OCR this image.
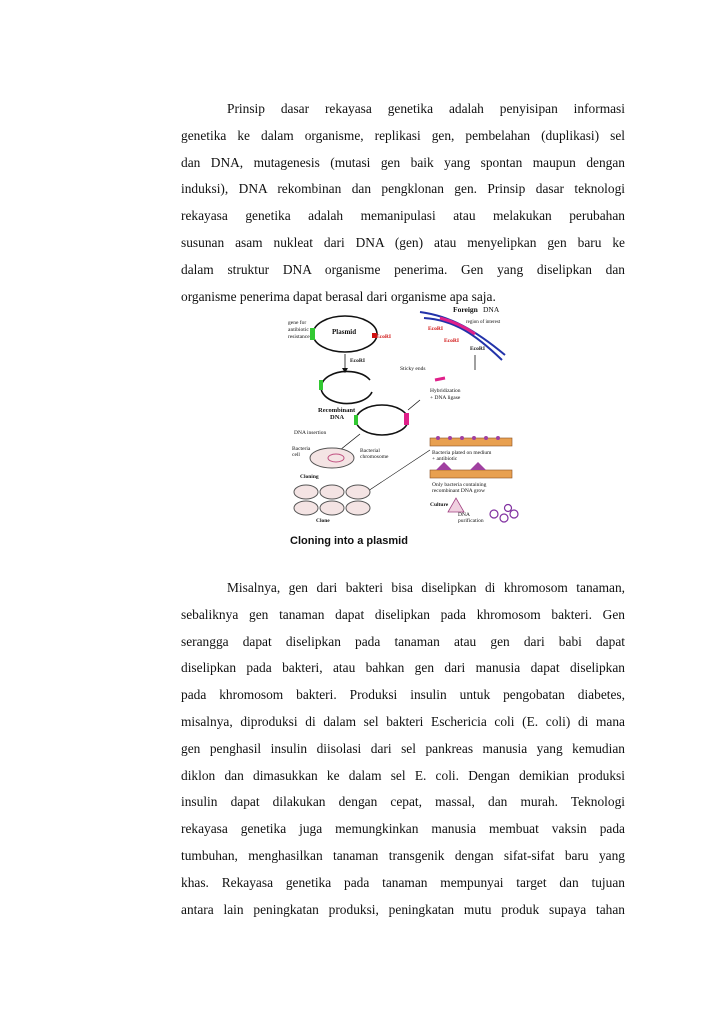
Prinsip dasar rekayasa genetika adalah penyisipan informasi
genetika ke dalam organisme, replikasi gen, pembelahan (duplikasi) sel
dan DNA, mutagenesis (mutasi gen baik yang spontan maupun dengan
induksi), DNA rekombinan dan pengklonan gen. Prinsip dasar teknologi
rekayasa genetika adalah memanipulasi atau melakukan perubahan
susunan asam nukleat dari DNA (gen) atau menyelipkan gen baru ke
dalam struktur DNA organisme penerima. Gen yang diselipkan dan
organisme penerima dapat berasal dari organisme apa saja.
Plasmid
gene for
antibiotic
resistance	EcoRI
Foreign DNA
region of interest
EcoRI
EcoRI
EcoRI
EcoRI
Sticky ends
Hybridization
+ DNA ligase
Recombinant
DNA
DNA insertion
Bacteria
cell
Bacterial
chromosome
Bacteria plated on medium
+ antibiotic
Only bacteria containing
recombinant DNA grow
Cloning
Clone
Culture
DNA
purification
Cloning into a plasmid
Misalnya, gen dari bakteri bisa diselipkan di khromosom tanaman,
sebaliknya gen tanaman dapat diselipkan pada khromosom bakteri. Gen
serangga dapat diselipkan pada tanaman atau gen dari babi dapat
diselipkan pada bakteri, atau bahkan gen dari manusia dapat diselipkan
pada khromosom bakteri. Produksi insulin untuk pengobatan diabetes,
misalnya, diproduksi di dalam sel bakteri Eschericia coli (E. coli) di mana
gen penghasil insulin diisolasi dari sel pankreas manusia yang kemudian
diklon dan dimasukkan ke dalam sel E. coli. Dengan demikian produksi
insulin dapat dilakukan dengan cepat, massal, dan murah. Teknologi
rekayasa genetika juga memungkinkan manusia membuat vaksin pada
tumbuhan, menghasilkan tanaman transgenik dengan sifat-sifat baru yang
khas. Rekayasa genetika pada tanaman mempunyai target dan tujuan
antara lain peningkatan produksi, peningkatan mutu produk supaya tahan
